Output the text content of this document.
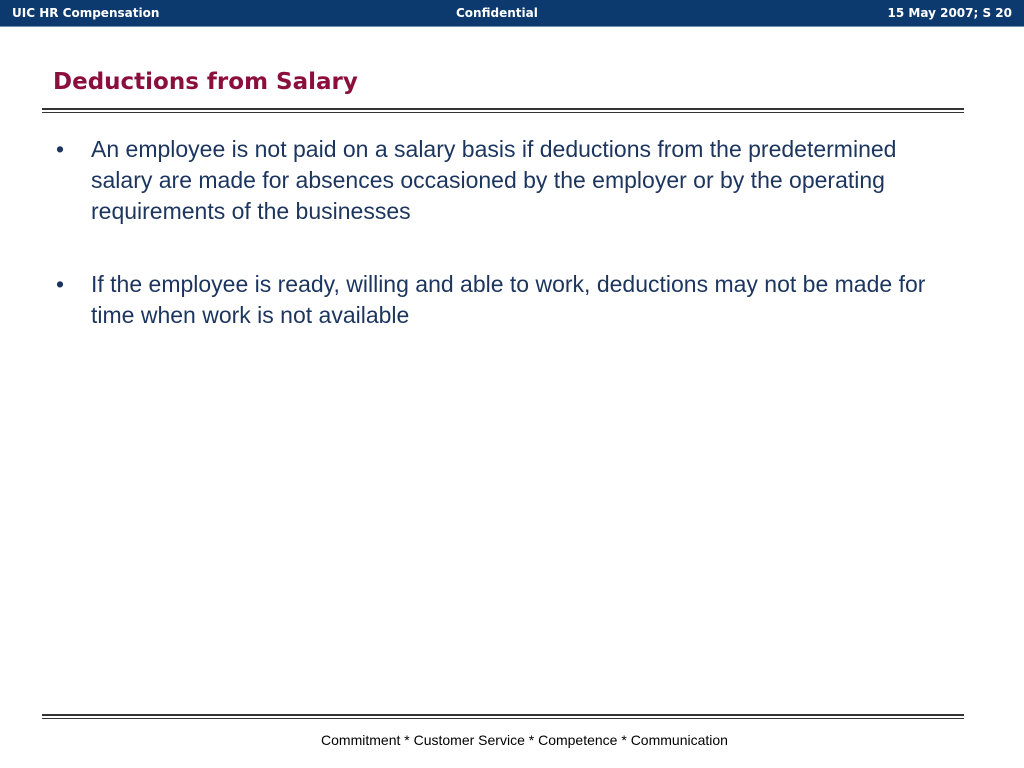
UIC HR Compensation	Confidential	15 May 2007; S 20
Deductions from Salary
• An employee is not paid on a salary basis if deductions from the predetermined salary are made for absences occasioned by the employer or by the operating requirements of the businesses
• If the employee is ready, willing and able to work, deductions may not be made for time when work is not available
Commitment * Customer Service * Competence * Communication
